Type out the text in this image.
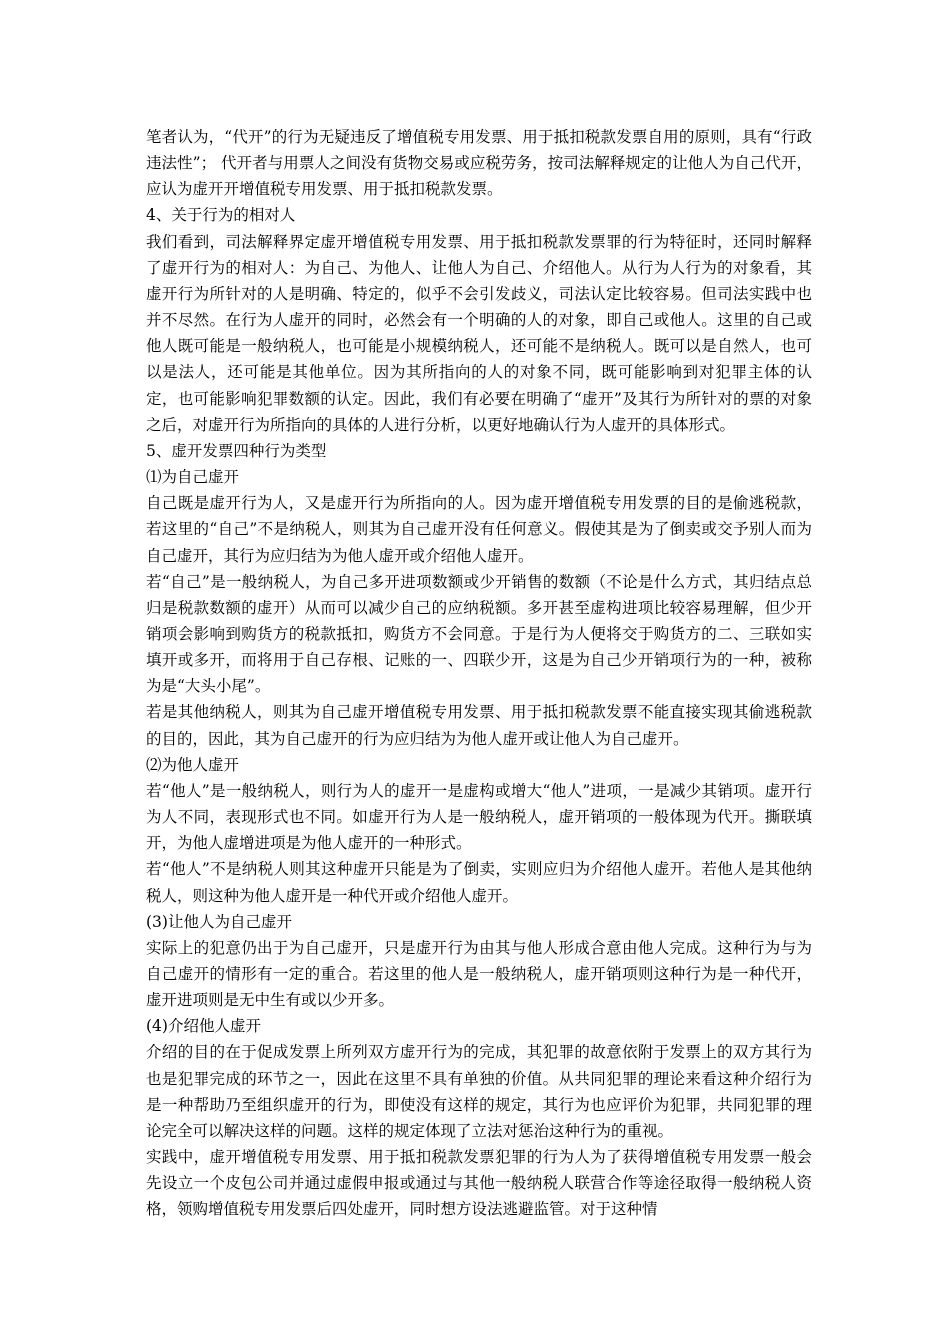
笔者认为，“代开”的行为无疑违反了增值税专用发票、用于抵扣税款发票自用的原则，具有“行政违法性”； 代开者与用票人之间没有货物交易或应税劳务，按司法解释规定的让他人为自己代开，应认为虚开开增值税专用发票、用于抵扣税款发票。

4、关于行为的相对人

我们看到，司法解释界定虚开增值税专用发票、用于抵扣税款发票罪的行为特征时，还同时解释了虚开行为的相对人：为自己、为他人、让他人为自己、介绍他人。从行为人行为的对象看，其虚开行为所针对的人是明确、特定的，似乎不会引发歧义，司法认定比较容易。但司法实践中也并不尽然。在行为人虚开的同时，必然会有一个明确的人的对象，即自己或他人。这里的自己或他人既可能是一般纳税人，也可能是小规模纳税人，还可能不是纳税人。既可以是自然人，也可以是法人，还可能是其他单位。因为其所指向的人的对象不同，既可能影响到对犯罪主体的认定，也可能影响犯罪数额的认定。因此，我们有必要在明确了“虚开”及其行为所针对的票的对象之后，对虚开行为所指向的具体的人进行分析，以更好地确认行为人虚开的具体形式。

5、虚开发票四种行为类型

⑴为自己虚开

自己既是虚开行为人，又是虚开行为所指向的人。因为虚开增值税专用发票的目的是偷逃税款，若这里的“自己”不是纳税人，则其为自己虚开没有任何意义。假使其是为了倒卖或交予别人而为自己虚开，其行为应归结为为他人虚开或介绍他人虚开。

若“自己”是一般纳税人，为自己多开进项数额或少开销售的数额（不论是什么方式，其归结点总归是税款数额的虚开）从而可以减少自己的应纳税额。多开甚至虚构进项比较容易理解，但少开销项会影响到购货方的税款抵扣，购货方不会同意。于是行为人便将交于购货方的二、三联如实填开或多开，而将用于自己存根、记账的一、四联少开，这是为自己少开销项行为的一种，被称为是“大头小尾”。

若是其他纳税人，则其为自己虚开增值税专用发票、用于抵扣税款发票不能直接实现其偷逃税款的目的，因此，其为自己虚开的行为应归结为为他人虚开或让他人为自己虚开。

⑵为他人虚开

若“他人”是一般纳税人，则行为人的虚开一是虚构或增大“他人”进项，一是减少其销项。虚开行为人不同，表现形式也不同。如虚开行为人是一般纳税人，虚开销项的一般体现为代开。撕联填开，为他人虚增进项是为他人虚开的一种形式。

若“他人”不是纳税人则其这种虚开只能是为了倒卖，实则应归为介绍他人虚开。若他人是其他纳税人，则这种为他人虚开是一种代开或介绍他人虚开。

(3)让他人为自己虚开

实际上的犯意仍出于为自己虚开，只是虚开行为由其与他人形成合意由他人完成。这种行为与为自己虚开的情形有一定的重合。若这里的他人是一般纳税人，虚开销项则这种行为是一种代开，虚开进项则是无中生有或以少开多。

(4)介绍他人虚开

介绍的目的在于促成发票上所列双方虚开行为的完成，其犯罪的故意依附于发票上的双方其行为也是犯罪完成的环节之一，因此在这里不具有单独的价值。从共同犯罪的理论来看这种介绍行为是一种帮助乃至组织虚开的行为，即使没有这样的规定，其行为也应评价为犯罪，共同犯罪的理论完全可以解决这样的问题。这样的规定体现了立法对惩治这种行为的重视。

实践中，虚开增值税专用发票、用于抵扣税款发票犯罪的行为人为了获得增值税专用发票一般会先设立一个皮包公司并通过虚假申报或通过与其他一般纳税人联营合作等途径取得一般纳税人资格，领购增值税专用发票后四处虚开，同时想方设法逃避监管。对于这种情
